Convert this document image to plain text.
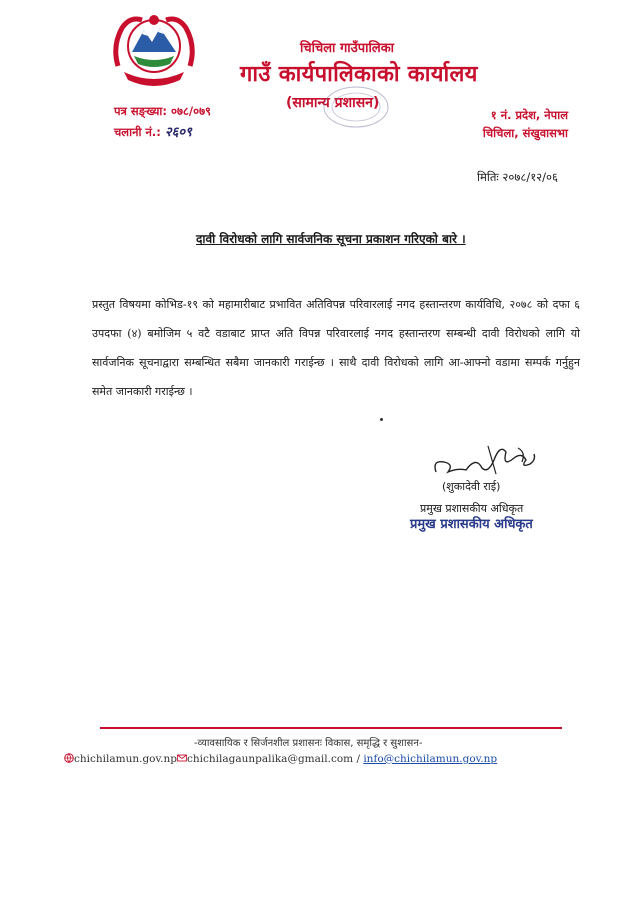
चिचिला गाउँपालिका
गाउँ कार्यपालिकाको कार्यालय
(सामान्य प्रशासन)
पत्र सङ्ख्या: ०७८/०७९
चलानी नं.: २६०९
१ नं. प्रदेश, नेपाल
चिचिला, संखुवासभा
मितिः २०७८/१२/०६
दावी विरोधको लागि सार्वजनिक सूचना प्रकाशन गरिएको बारे ।
प्रस्तुत विषयमा कोभिड-१९ को महामारीबाट प्रभावित अतिविपन्न परिवारलाई नगद हस्तान्तरण कार्यविधि, २०७८ को दफा ६ उपदफा (४) बमोजिम ५ वटै वडाबाट प्राप्त अति विपन्न परिवारलाई नगद हस्तान्तरण सम्बन्धी दावी विरोधको लागि यो सार्वजनिक सूचनाद्वारा सम्बन्धित सबैमा जानकारी गराईन्छ । साथै दावी विरोधको लागि आ-आफ्नो वडामा सम्पर्क गर्नुहुन समेत जानकारी गराईन्छ ।
(शुकादेवी राई)
प्रमुख प्रशासकीय अधिकृत
प्रमुख प्रशासकीय अधिकृत
-व्यावसायिक र सिर्जनशील प्रशासनः विकास, समृद्धि र सुशासन-
chichilamun.gov.np chichilagaunpalika@gmail.com / info@chichilamun.gov.np
